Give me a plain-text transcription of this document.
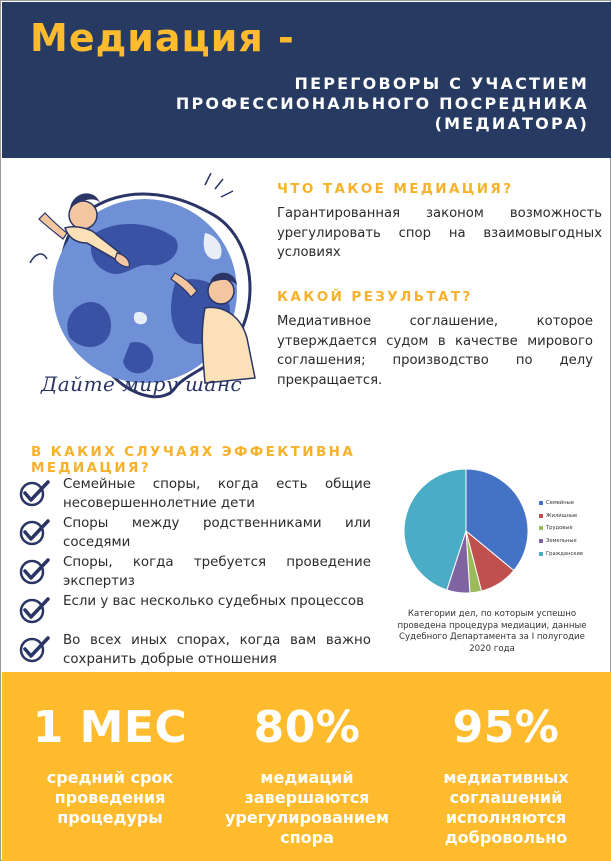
Медиация -
ПЕРЕГОВОРЫ С УЧАСТИЕМ
ПРОФЕССИОНАЛЬНОГО ПОСРЕДНИКА
(МЕДИАТОРА)
Дайте миру шанс
ЧТО ТАКОЕ МЕДИАЦИЯ?
Гарантированная законом возможность урегулировать спор на взаимовыгодных условиях
КАКОЙ РЕЗУЛЬТАТ?
Медиативное соглашение, которое утверждается судом в качестве мирового соглашения; производство по делу прекращается.
В КАКИХ СЛУЧАЯХ ЭФФЕКТИВНА
МЕДИАЦИЯ?
Семейные споры, когда есть общие несовершеннолетние дети
Споры между родственниками или соседями
Споры, когда требуется проведение экспертиз
Если у вас несколько судебных процессов
Во всех иных спорах, когда вам важно сохранить добрые отношения
Семейные
Жилищные
Трудовые
Земельные
Гражданские
Категории дел, по которым успешно проведена процедура медиации, данные Судебного Департамента за I полугодие 2020 года
1 МЕС
средний срок
проведения
процедуры
80%
медиаций
завершаются
урегулированием
спора
95%
медиативных
соглашений
исполняются
добровольно
